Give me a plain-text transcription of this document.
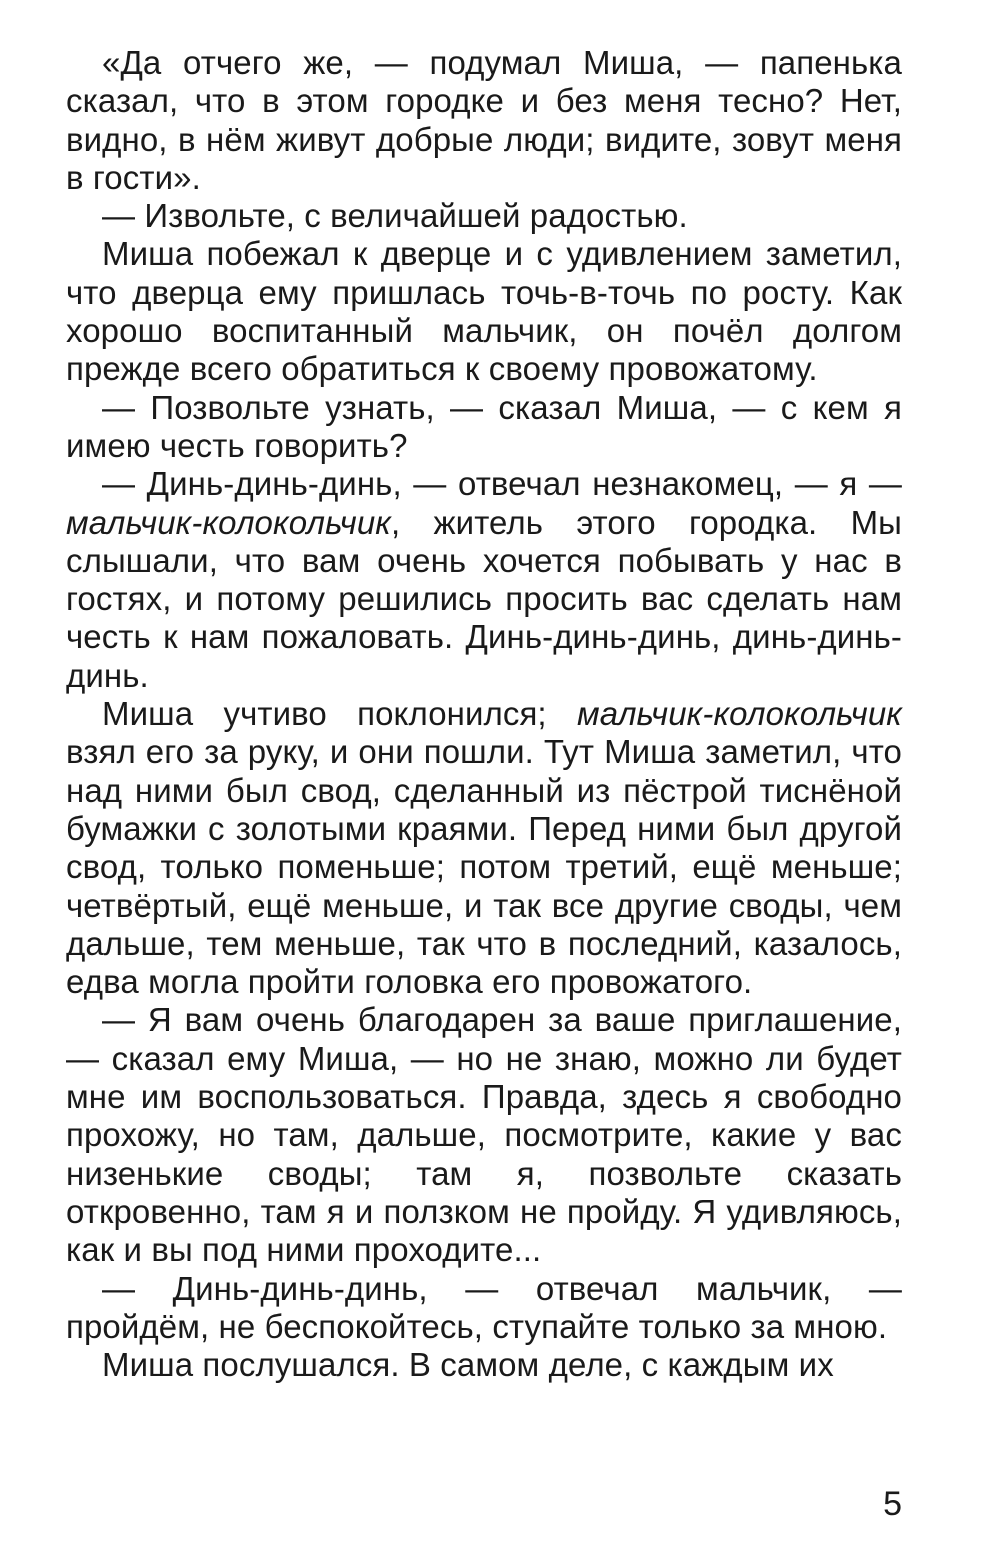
«Да отчего же, — подумал Миша, — папенька сказал, что в этом городке и без меня тесно? Нет, видно, в нём живут добрые люди; видите, зовут меня в гости».

— Извольте, с величайшей радостью.

Миша побежал к дверце и с удивлением заметил, что дверца ему пришлась точь-в-точь по росту. Как хорошо воспитанный мальчик, он почёл долгом прежде всего обратиться к своему провожатому.

— Позвольте узнать, — сказал Миша, — с кем я имею честь говорить?

— Динь-динь-динь, — отвечал незнакомец, — я — мальчик-колокольчик, житель этого городка. Мы слышали, что вам очень хочется побывать у нас в гостях, и потому решились просить вас сделать нам честь к нам пожаловать. Динь-динь-динь, динь-динь-динь.

Миша учтиво поклонился; мальчик-колокольчик взял его за руку, и они пошли. Тут Миша заметил, что над ними был свод, сделанный из пёстрой тиснёной бумажки с золотыми краями. Перед ними был другой свод, только поменьше; потом третий, ещё меньше; четвёртый, ещё меньше, и так все другие своды, чем дальше, тем меньше, так что в последний, казалось, едва могла пройти головка его провожатого.

— Я вам очень благодарен за ваше приглашение, — сказал ему Миша, — но не знаю, можно ли будет мне им воспользоваться. Правда, здесь я свободно прохожу, но там, дальше, посмотрите, какие у вас низенькие своды; там я, позвольте сказать откровенно, там я и ползком не пройду. Я удивляюсь, как и вы под ними проходите...

— Динь-динь-динь, — отвечал мальчик, — пройдём, не беспокойтесь, ступайте только за мною.

Миша послушался. В самом деле, с каждым их

5
